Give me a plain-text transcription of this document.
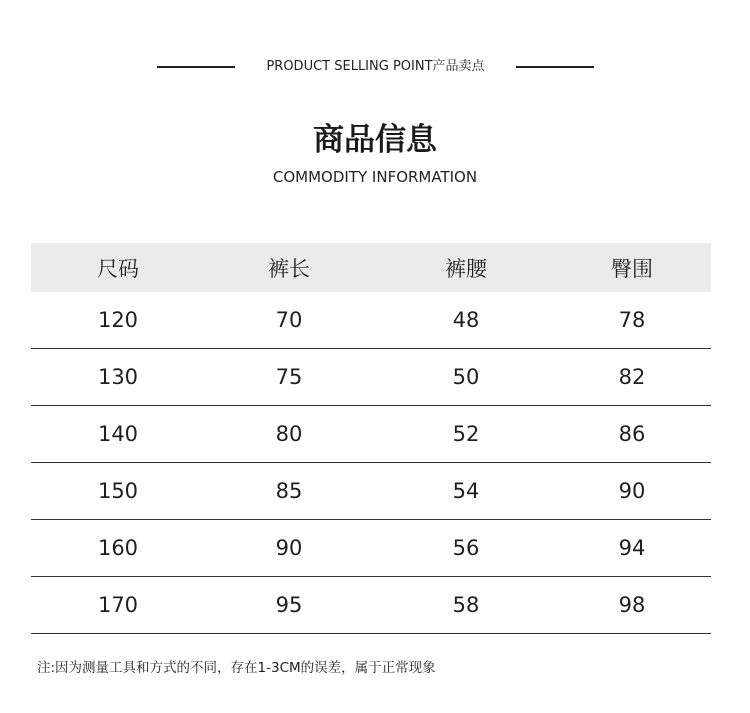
PRODUCT SELLING POINT产品卖点
商品信息
COMMODITY INFORMATION
尺码	裤长	裤腰	臀围
120	70	48	78
130	75	50	82
140	80	52	86
150	85	54	90
160	90	56	94
170	95	58	98
注:因为测量工具和方式的不同，存在1-3CM的误差，属于正常现象
